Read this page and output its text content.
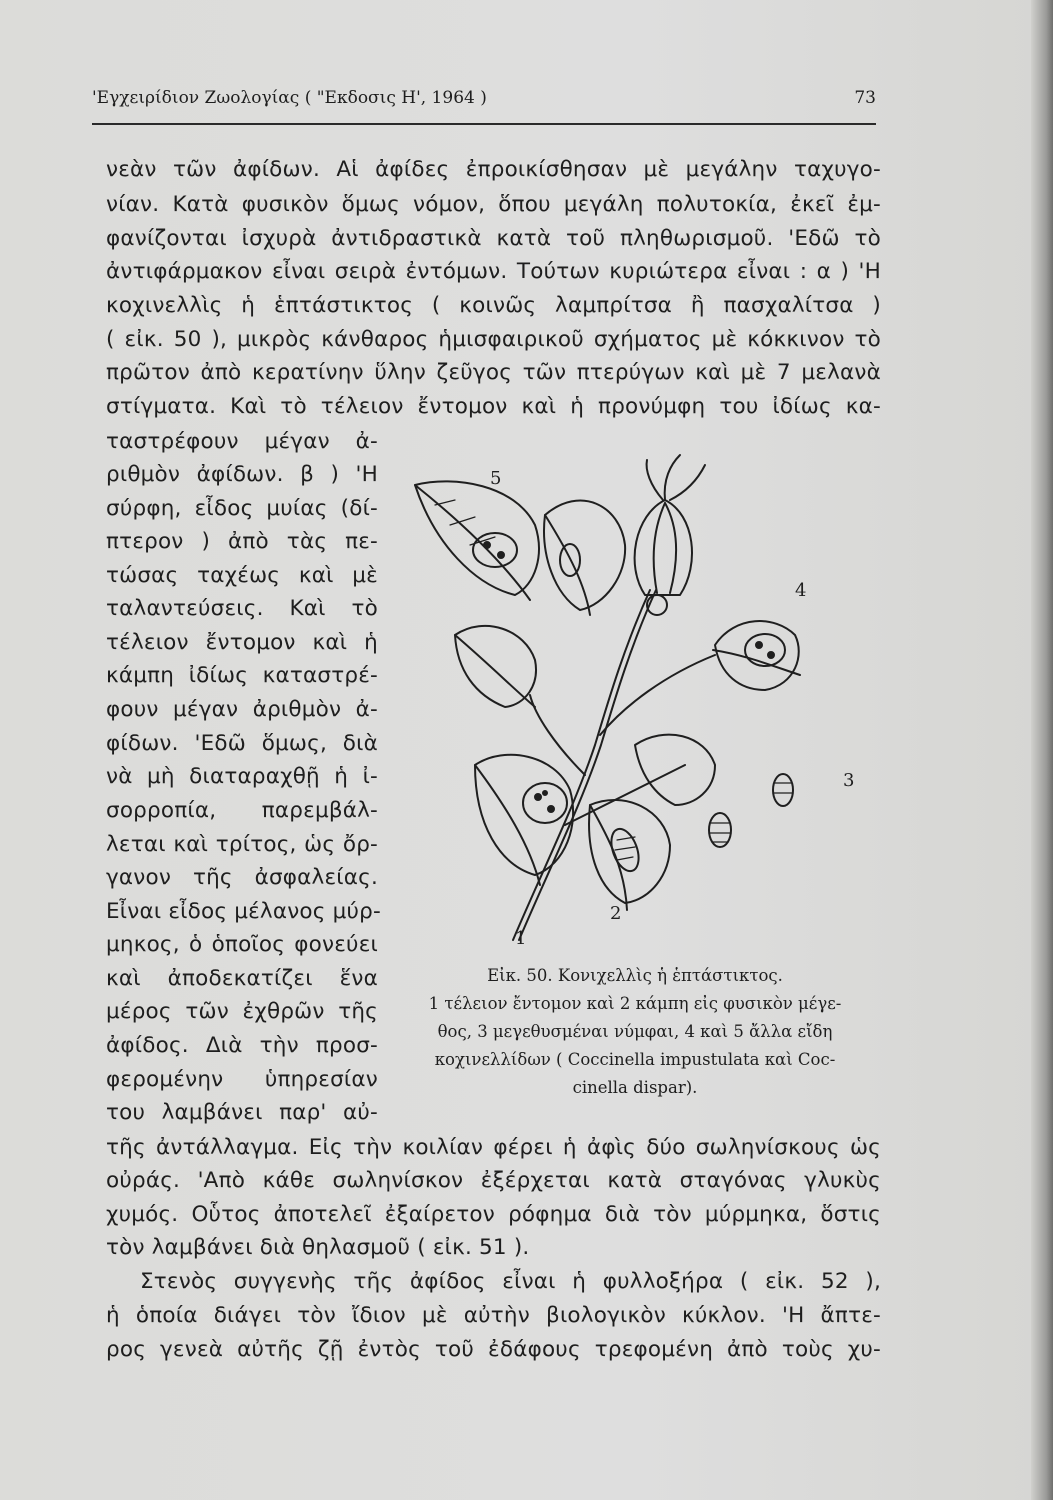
'Εγχειρίδιον Ζωολογίας ( "Εκδοσις Η', 1964 )	73
νεὰν τῶν ἀφίδων. Αἱ ἀφίδες ἐπροικίσθησαν μὲ μεγάλην ταχυγο-
νίαν. Κατὰ φυσικὸν ὅμως νόμον, ὅπου μεγάλη πολυτοκία, ἐκεῖ ἐμ-
φανίζονται ἰσχυρὰ ἀντιδραστικὰ κατὰ τοῦ πληθωρισμοῦ. 'Εδῶ τὸ
ἀντιφάρμακον εἶναι σειρὰ ἐντόμων. Τούτων κυριώτερα εἶναι : α ) 'Η
κοχινελλὶς ἡ ἑπτάστικτος ( κοινῶς λαμπρίτσα ἢ πασχαλίτσα )
( εἰκ. 50 ), μικρὸς κάνθαρος ἡμισφαιρικοῦ σχήματος μὲ κόκκινον τὸ
πρῶτον ἀπὸ κερατίνην ὕλην ζεῦγος τῶν πτερύγων καὶ μὲ 7 μελανὰ
στίγματα. Καὶ τὸ τέλειον ἔντομον καὶ ἡ προνύμφη του ἰδίως κα-
ταστρέφουν μέγαν ἀ-
ριθμὸν ἀφίδων. β ) 'Η
σύρφη, εἶδος μυίας (δί-
πτερον ) ἀπὸ τὰς πε-
τώσας ταχέως καὶ μὲ
ταλαντεύσεις. Καὶ τὸ
τέλειον ἔντομον καὶ ἡ
κάμπη ἰδίως καταστρέ-
φουν μέγαν ἀριθμὸν ἀ-
φίδων. 'Εδῶ ὅμως, διὰ
νὰ μὴ διαταραχθῇ ἡ ἰ-
σορροπία, παρεμβάλ-
λεται καὶ τρίτος, ὡς ὄρ-
γανον τῆς ἀσφαλείας.
Εἶναι εἶδος μέλανος μύρ-
μηκος, ὁ ὁποῖος φονεύει
καὶ ἀποδεκατίζει ἕνα
μέρος τῶν ἐχθρῶν τῆς
ἀφίδος. Διὰ τὴν προσ-
φερομένην ὑπηρεσίαν
του λαμβάνει παρ' αὐ-
τῆς ἀντάλλαγμα. Εἰς τὴν κοιλίαν φέρει ἡ ἀφὶς δύο σωληνίσκους ὡς
οὐράς. 'Απὸ κάθε σωληνίσκον ἐξέρχεται κατὰ σταγόνας γλυκὺς
χυμός. Οὗτος ἀποτελεῖ ἐξαίρετον ρόφημα διὰ τὸν μύρμηκα, ὅστις
τὸν λαμβάνει διὰ θηλασμοῦ ( εἰκ. 51 ).
Στενὸς συγγενὴς τῆς ἀφίδος εἶναι ἡ φυλλοξήρα ( εἰκ. 52 ),
ἡ ὁποία διάγει τὸν ἴδιον μὲ αὐτὴν βιολογικὸν κύκλον. 'Η ἄπτε-
ρος γενεὰ αὐτῆς ζῇ ἐντὸς τοῦ ἐδάφους τρεφομένη ἀπὸ τοὺς χυ-
5
4
3
2
1
Εἰκ. 50. Κονιχελλὶς ἡ ἑπτάστικτος.
1 τέλειον ἔντομον καὶ 2 κάμπη εἰς φυσικὸν μέγε-
θος, 3 μεγεθυσμέναι νύμφαι, 4 καὶ 5 ἄλλα εἴδη
κοχινελλίδων ( Coccinella impustulata καὶ Coc-
cinella dispar).
